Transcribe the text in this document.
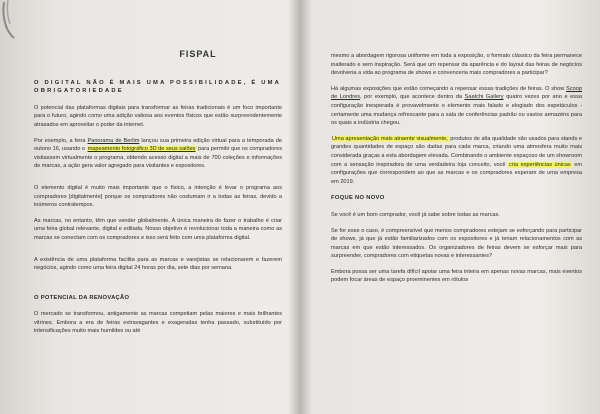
FISPAL
O DIGITAL NÃO É MAIS UMA POSSIBILIDADE, É UMA OBRIGATORIEDADE

O potencial das plataformas digitais para transformar as feiras tradicionais é um foco importante para o futuro, agindo como uma adição valiosa aos eventos físicos que estão surpreendentemente atrasados em aproveitar o poder da internet.

Por exemplo, a feira Panorama de Berlim lançou sua primeira edição virtual para a temporada de outono 16, usando o mapeamento fotográfico 3D de seus salões para permitir que os compradores visitassem virtualmente o programa, obtendo acesso digital a mais de 700 coleções e informações de marcas, a ação gera valor agregado para visitantes e expositores.

O elemento digital é muito mais importante que o físico, a intenção é levar o programa aos compradores [digitalmente] porque os compradores não costumam ir a todas as feiras, devido a inúmeros contratempos.

As marcas, no entanto, têm que vender globalmente. A única maneira de fazer o trabalho é criar uma feira global relevante, digital e editada. Nosso objetivo é revolucionar toda a maneira como as marcas se conectam com os compradores e isso será feito com uma plataforma digital.

A existência de uma plataforma facilita para as marcas e varejistas se relacionarem e fazerem negócios, agindo como uma feira digital 24 horas por dia, sete dias por semana.

O POTENCIAL DA RENOVAÇÃO

O mercado se transformou, antigamente as marcas competiam pelas maiores e mais brilhantes vitrines. Embora a era de feiras extravagantes e exageradas tenha passado, substituído por intensificações muito mais humildes ou até

mesmo a abordagem rigorosa uniforme em toda a exposição, o formato clássico da feira permanece inalterado e sem inspiração. Será que um repensar da aparência e do layout das feiras de negócios devolveria a vida ao programa de shows e convenceria mais compradores a participar?

Há algumas exposições que estão começando a repensar essas tradições de feiras. O show Scoop de Londres, por exemplo, que acontece dentro da Saatchi Gallery quatro vezes por ano e essa configuração inesperada é provavelmente o elemento mais falado e elogiado dos espetáculos - certamente uma mudança refrescante para a sala de conferências padrão ou vastos armazéns para os quais a indústria chegou.

Uma apresentação mais atraente visualmente, produtos de alta qualidade são usados para stands e grandes quantidades de espaço são dadas para cada marca, criando uma atmosfera muito mais considerada graças a esta abordagem elevada. Combinando o ambiente espaçoso de um showroom com a sensação inspiradora de uma verdadeira loja conceito, você cria experiências únicas em configurações que correspondem ao que as marcas e os compradores esperam de uma empresa em 2019.

FOQUE NO NOVO

Se você é um bom comprador, você já sabe sobre todas as marcas.

Se for esse o caso, é compreensível que menos compradores estejam se esforçando para participar de shows, já que já estão familiarizados com os expositores e já teriam relacionamentos com as marcas em que estão interessados. Os organizadores de feiras devem se esforçar mais para surpreender, compradores com etiquetas novas e interessantes?

Embora possa ser uma tarefa difícil apoiar uma feira inteira em apenas novas marcas, mais eventos podem focar áreas de espaço proeminentes em rótulos
